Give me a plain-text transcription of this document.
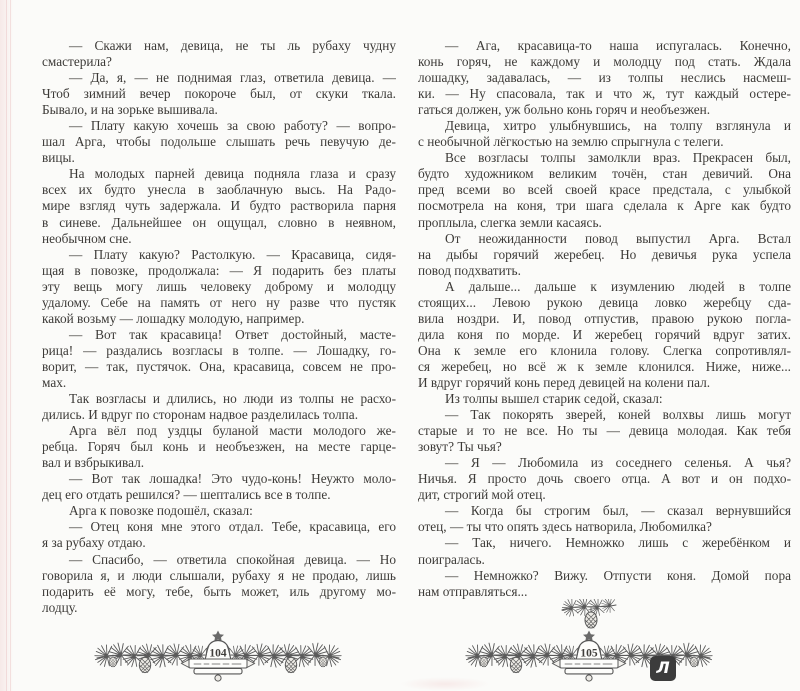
— Скажи нам, девица, не ты ль рубаху чудну
смастерила?
— Да, я, — не поднимая глаз, ответила девица. —
Чтоб зимний вечер покороче был, от скуки ткала.
Бывало, и на зорьке вышивала.
— Плату какую хочешь за свою работу? — вопро-
шал Арга, чтобы подольше слышать речь певучую де-
вицы.
На молодых парней девица подняла глаза и сразу
всех их будто унесла в заоблачную высь. На Радо-
мире взгляд чуть задержала. И будто растворила парня
в синеве. Дальнейшее он ощущал, словно в неявном,
необычном сне.
— Плату какую? Растолкую. — Красавица, сидя-
щая в повозке, продолжала: — Я подарить без платы
эту вещь могу лишь человеку доброму и молодцу
удалому. Себе на память от него ну разве что пустяк
какой возьму — лошадку молодую, например.
— Вот так красавица! Ответ достойный, масте-
рица! — раздались возгласы в толпе. — Лошадку, го-
ворит, — так, пустячок. Она, красавица, совсем не про-
мах.
Так возгласы и длились, но люди из толпы не расхо-
дились. И вдруг по сторонам надвое разделилась толпа.
Арга вёл под уздцы буланой масти молодого же-
ребца. Горяч был конь и необъезжен, на месте гарце-
вал и взбрыкивал.
— Вот так лошадка! Это чудо-конь! Неужто моло-
дец его отдать решился? — шептались все в толпе.
Арга к повозке подошёл, сказал:
— Отец коня мне этого отдал. Тебе, красавица, его
я за рубаху отдаю.
— Спасибо, — ответила спокойная девица. — Но
говорила я, и люди слышали, рубаху я не продаю, лишь
подарить её могу, тебе, быть может, иль другому мо-
лодцу.
— Ага, красавица-то наша испугалась. Конечно,
конь горяч, не каждому и молодцу под стать. Ждала
лошадку, задавалась, — из толпы неслись насмеш-
ки. — Ну спасовала, так и что ж, тут каждый остере-
гаться должен, уж больно конь горяч и необъезжен.
Девица, хитро улыбнувшись, на толпу взглянула и
с необычной лёгкостью на землю спрыгнула с телеги.
Все возгласы толпы замолкли враз. Прекрасен был,
будто художником великим точён, стан девичий. Она
пред всеми во всей своей красе предстала, с улыбкой
посмотрела на коня, три шага сделала к Арге как будто
проплыла, слегка земли касаясь.
От неожиданности повод выпустил Арга. Встал
на дыбы горячий жеребец. Но девичья рука успела
повод подхватить.
А дальше... дальше к изумлению людей в толпе
стоящих... Левою рукою девица ловко жеребцу сда-
вила ноздри. И, повод отпустив, правою рукою погла-
дила коня по морде. И жеребец горячий вдруг затих.
Она к земле его клонила голову. Слегка сопротивлял-
ся жеребец, но всё ж к земле клонился. Ниже, ниже...
И вдруг горячий конь перед девицей на колени пал.
Из толпы вышел старик седой, сказал:
— Так покорять зверей, коней волхвы лишь могут
старые и то не все. Но ты — девица молодая. Как тебя
зовут? Ты чья?
— Я — Любомила из соседнего селенья. А чья?
Ничья. Я просто дочь своего отца. А вот и он подхо-
дит, строгий мой отец.
— Когда бы строгим был, — сказал вернувшийся
отец, — ты что опять здесь натворила, Любомилка?
— Так, ничего. Немножко лишь с жеребёнком и
поигралась.
— Немножко? Вижу. Отпусти коня. Домой пора
нам отправляться...
104	105
Л
